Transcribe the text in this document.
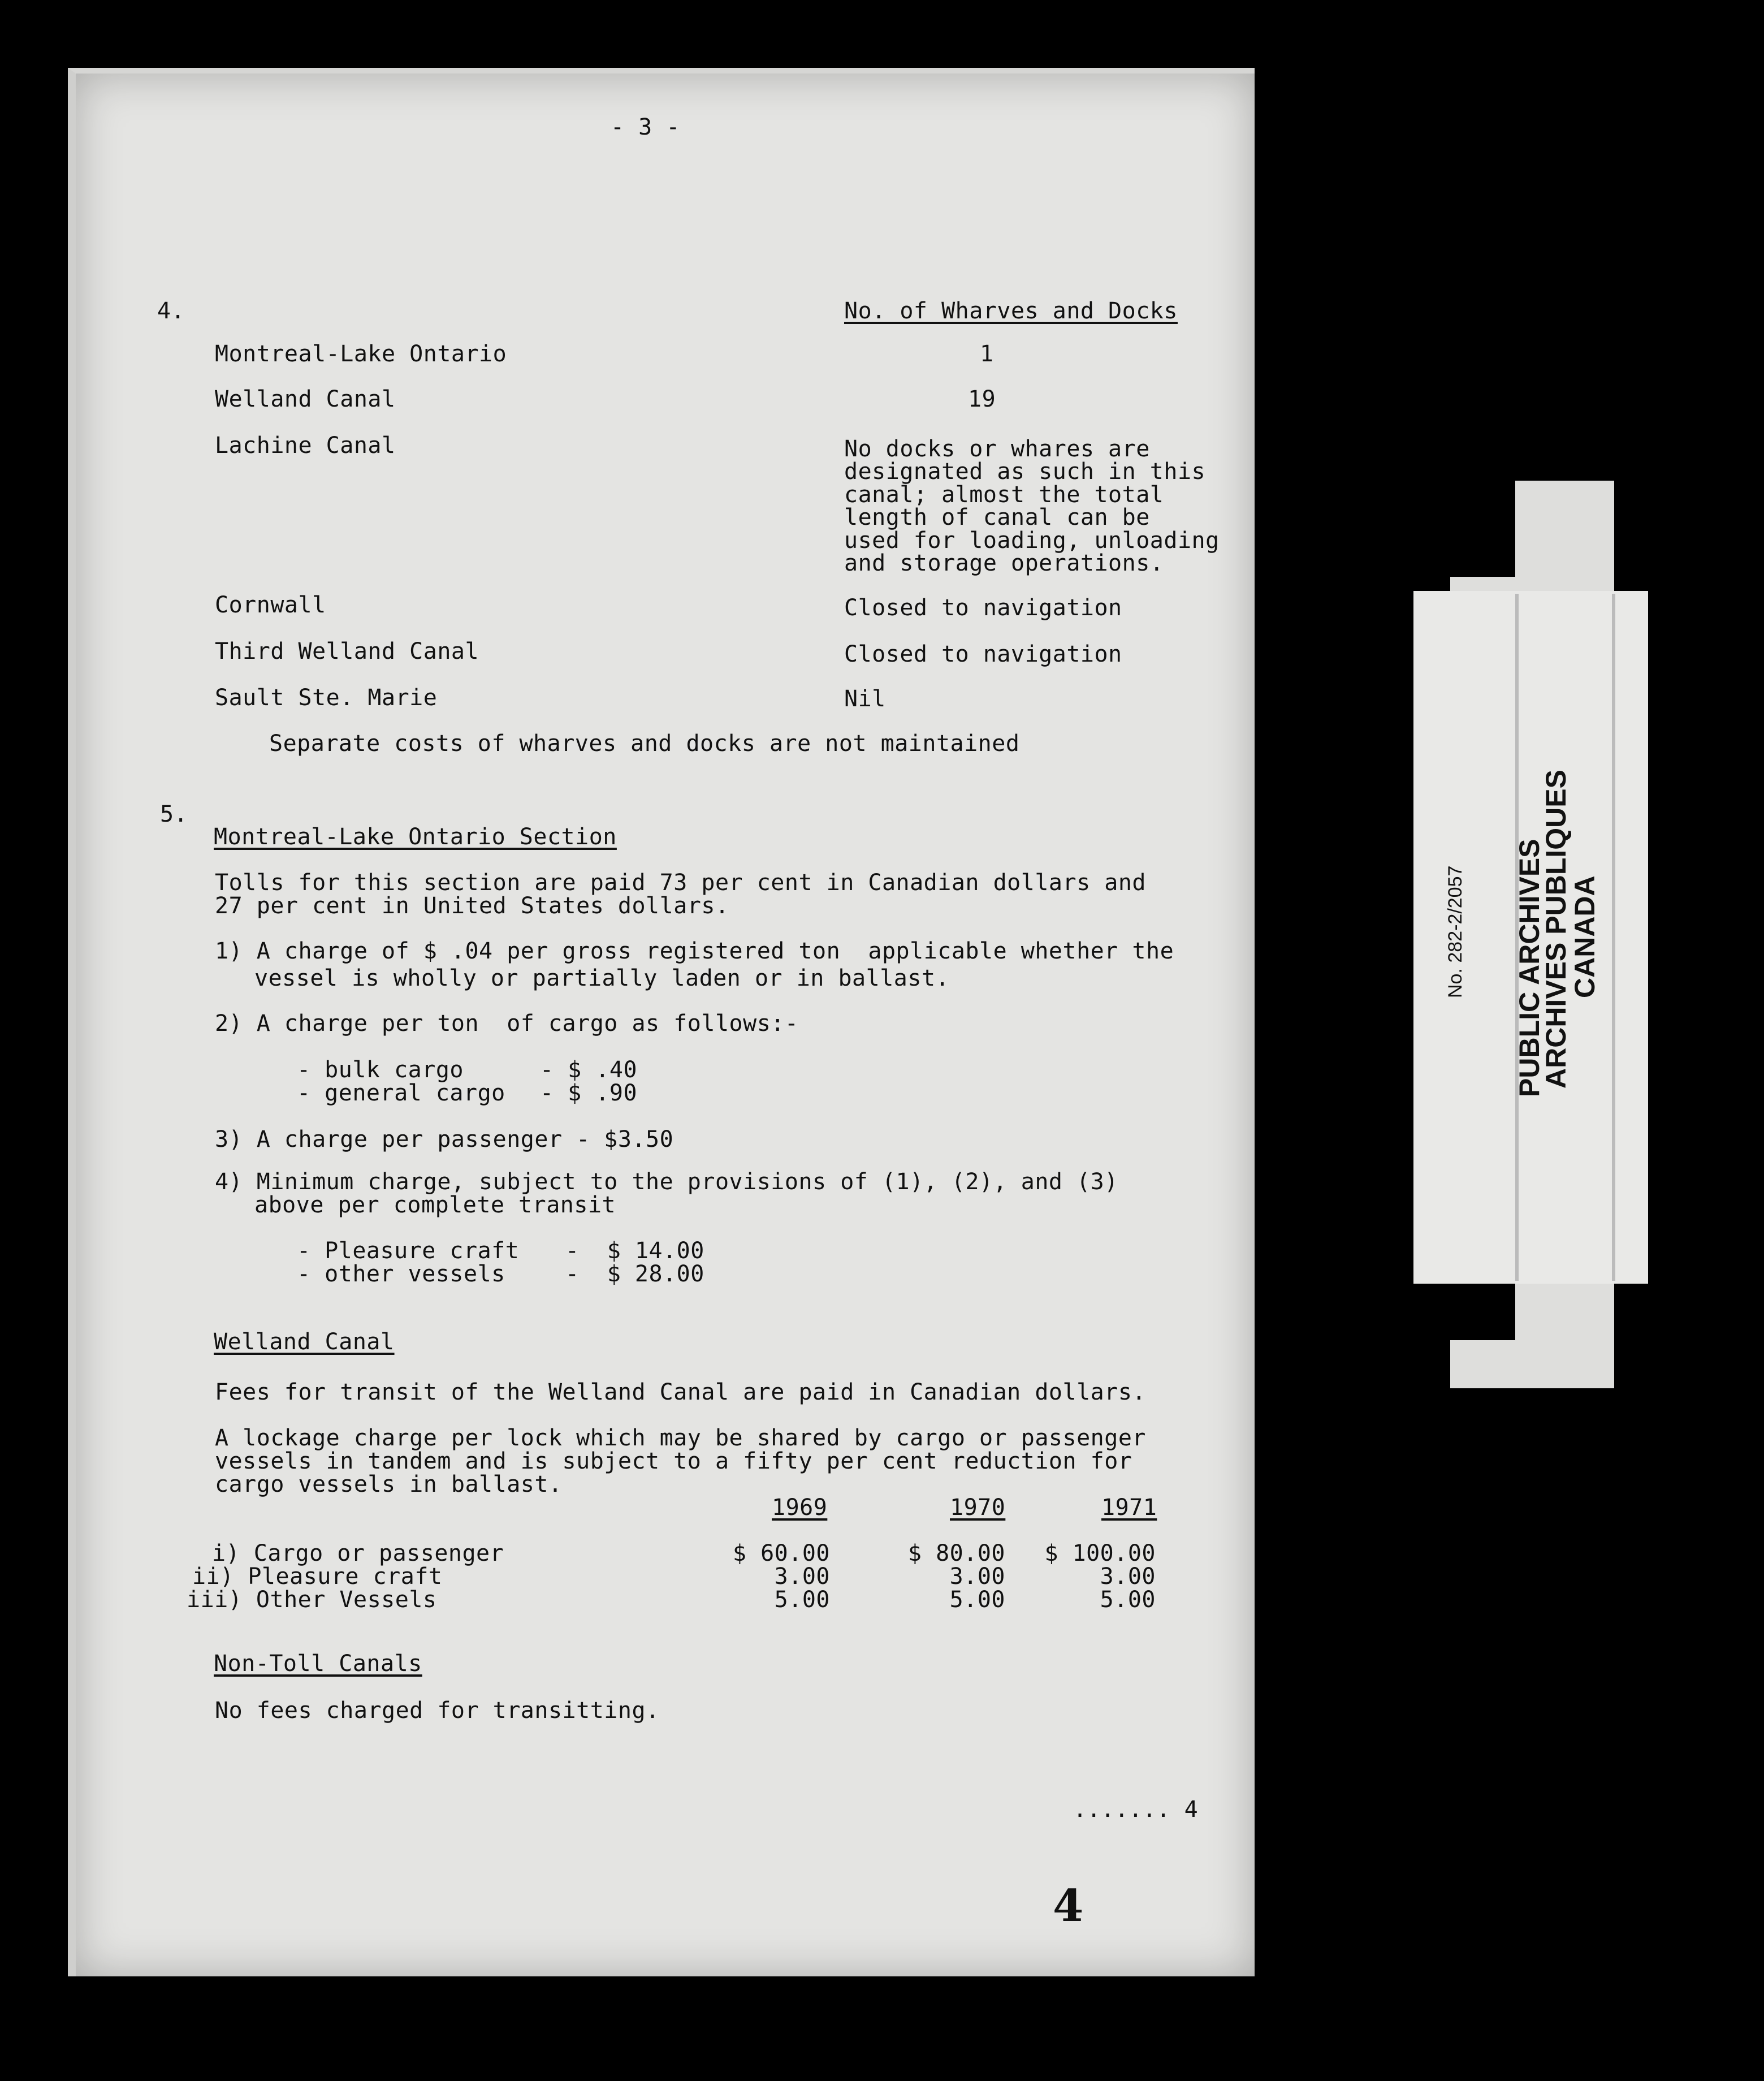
- 3 -
4.	No. of Wharves and Docks
Montreal-Lake Ontario	1
Welland Canal	19
Lachine Canal	No docks or whares are
designated as such in this
canal; almost the total
length of canal can be
used for loading, unloading
and storage operations.
Cornwall	Closed to navigation
Third Welland Canal	Closed to navigation
Sault Ste. Marie	Nil
Separate costs of wharves and docks are not maintained
5.
Montreal-Lake Ontario Section
Tolls for this section are paid 73 per cent in Canadian dollars and
27 per cent in United States dollars.
1) A charge of $ .04 per gross registered ton  applicable whether the
vessel is wholly or partially laden or in ballast.
2) A charge per ton  of cargo as follows:-
- bulk cargo	- $ .40
- general cargo - $ .90
3) A charge per passenger - $3.50
4) Minimum charge, subject to the provisions of (1), (2), and (3)
above per complete transit
- Pleasure craft -  $ 14.00
- other vessels	-  $ 28.00
Welland Canal
Fees for transit of the Welland Canal are paid in Canadian dollars.
A lockage charge per lock which may be shared by cargo or passenger
vessels in tandem and is subject to a fifty per cent reduction for
cargo vessels in ballast.
1969	1970	1971
i) Cargo or passenger	$ 60.00	$ 80.00	$ 100.00
ii) Pleasure craft	3.00	3.00	3.00
iii) Other Vessels	5.00	5.00	5.00
Non-Toll Canals
No fees charged for transitting.
....... 4
4
No. 282-2/2057 PUBLIC ARCHIVES
ARCHIVES PUBLIQUES
CANADA
